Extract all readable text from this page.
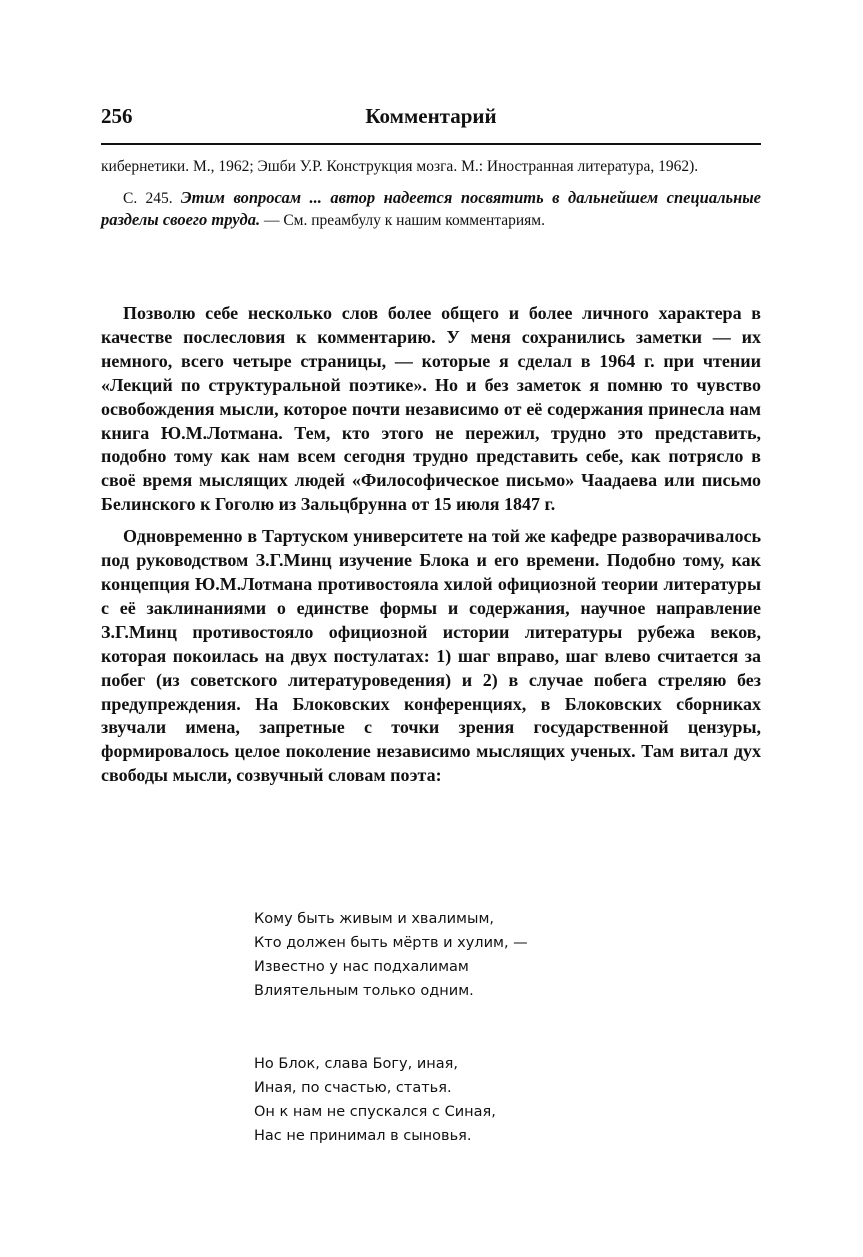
256	Комментарий

кибернетики. М., 1962; Эшби У.Р. Конструкция мозга. М.: Иностранная литература, 1962).

С. 245. Этим вопросам ... автор надеется посвятить в дальнейшем специальные разделы своего труда. — См. преамбулу к нашим комментариям.

Позволю себе несколько слов более общего и более личного характера в качестве послесловия к комментарию. У меня сохранились заметки — их немного, всего четыре страницы, — которые я сделал в 1964 г. при чтении «Лекций по структуральной поэтике». Но и без заметок я помню то чувство освобождения мысли, которое почти независимо от её содержания принесла нам книга Ю.М.Лотмана. Тем, кто этого не пережил, трудно это представить, подобно тому как нам всем сегодня трудно представить себе, как потрясло в своё время мыслящих людей «Философическое письмо» Чаадаева или письмо Белинского к Гоголю из Зальцбрунна от 15 июля 1847 г.

Одновременно в Тартуском университете на той же кафедре разворачивалось под руководством З.Г.Минц изучение Блока и его времени. Подобно тому, как концепция Ю.М.Лотмана противостояла хилой официозной теории литературы с её заклинаниями о единстве формы и содержания, научное направление З.Г.Минц противостояло официозной истории литературы рубежа веков, которая покоилась на двух постулатах: 1) шаг вправо, шаг влево считается за побег (из советского литературоведения) и 2) в случае побега стреляю без предупреждения. На Блоковских конференциях, в Блоковских сборниках звучали имена, запретные с точки зрения государственной цензуры, формировалось целое поколение независимо мыслящих ученых. Там витал дух свободы мысли, созвучный словам поэта:

Кому быть живым и хвалимым,
Кто должен быть мёртв и хулим, —
Известно у нас подхалимам
Влиятельным только одним.
Но Блок, слава Богу, иная,
Иная, по счастью, статья.
Он к нам не спускался с Синая,
Нас не принимал в сыновья.
